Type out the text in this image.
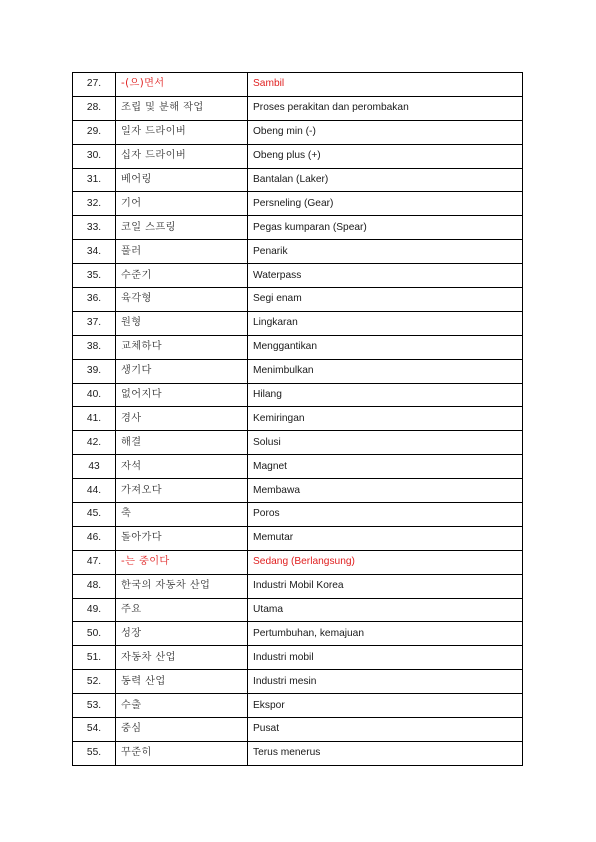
27.	-(으)면서	Sambil
28.	조립 및 분해 작업	Proses perakitan dan perombakan
29.	일자 드라이버	Obeng min (-)
30.	십자 드라이버	Obeng plus (+)
31.	베어링	Bantalan (Laker)
32.	기어	Persneling (Gear)
33.	코일 스프링	Pegas kumparan (Spear)
34.	풀러	Penarik
35.	수준기	Waterpass
36.	육각형	Segi enam
37.	원형	Lingkaran
38.	교체하다	Menggantikan
39.	생기다	Menimbulkan
40.	없어지다	Hilang
41.	경사	Kemiringan
42.	해결	Solusi
43	자석	Magnet
44.	가져오다	Membawa
45.	축	Poros
46.	돌아가다	Memutar
47.	-는 중이다	Sedang (Berlangsung)
48.	한국의 자동차 산업	Industri Mobil Korea
49.	주요	Utama
50.	성장	Pertumbuhan, kemajuan
51.	자동차 산업	Industri mobil
52.	동력 산업	Industri mesin
53.	수출	Ekspor
54.	중심	Pusat
55.	꾸준히	Terus menerus
